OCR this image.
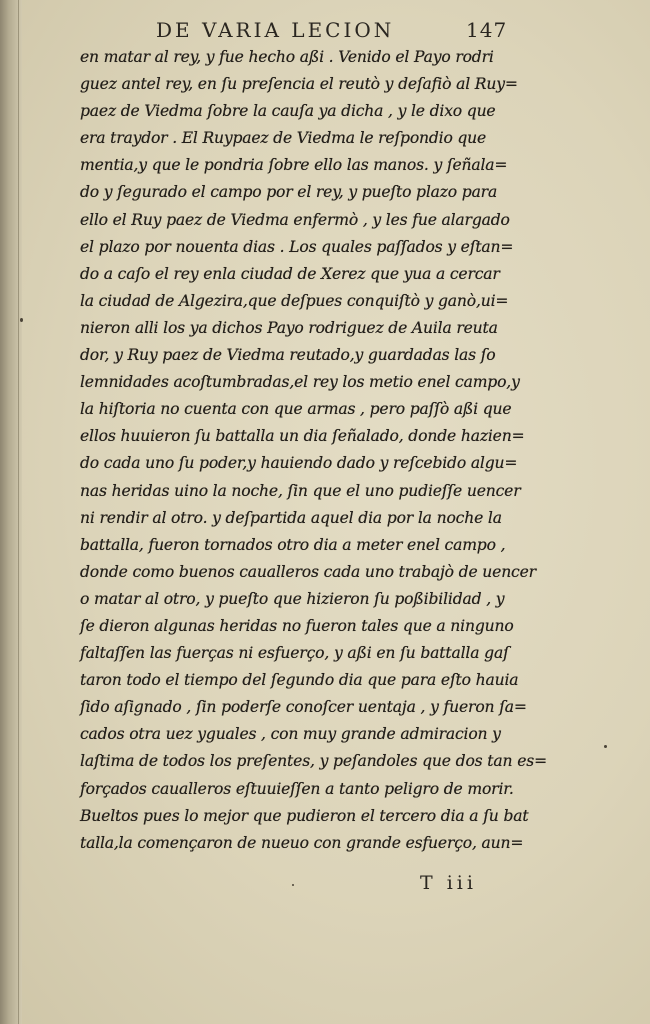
DE VARIA LECION	147
en matar al rey, y fue hecho aßi . Venido el Payo rodri
guez antel rey, en ſu preſencia el reutò y deſafiò al Ruy=
paez de Viedma ſobre la cauſa ya dicha , y le dixo que
era traydor . El Ruypaez de Viedma le reſpondio que
mentia,y que le pondria ſobre ello las manos. y ſeñala=
do y ſegurado el campo por el rey, y pueſto plazo para
ello el Ruy paez de Viedma enfermò , y les fue alargado
el plazo por nouenta dias . Los quales paſſados y eſtan=
do a caſo el rey enla ciudad de Xerez que yua a cercar
la ciudad de Algezira,que deſpues conquiſtò y ganò,ui=
nieron alli los ya dichos Payo rodriguez de Auila reuta
dor, y Ruy paez de Viedma reutado,y guardadas las ſo
lemnidades acoſtumbradas,el rey los metio enel campo,y
la hiſtoria no cuenta con que armas , pero paſſò aßi que
ellos huuieron ſu battalla un dia ſeñalado, donde hazien=
do cada uno ſu poder,y hauiendo dado y reſcebido algu=
nas heridas uino la noche, ſin que el uno pudieſſe uencer
ni rendir al otro. y deſpartida aquel dia por la noche la
battalla, fueron tornados otro dia a meter enel campo ,
donde como buenos caualleros cada uno trabajò de uencer
o matar al otro, y pueſto que hizieron ſu poßibilidad , y
ſe dieron algunas heridas no fueron tales que a ninguno
faltaſſen las fuerças ni esfuerço, y aßi en ſu battalla gaſ
taron todo el tiempo del ſegundo dia que para eſto hauia
ſido aſignado , ſin poderſe conoſcer uentaja , y fueron ſa=
cados otra uez yguales , con muy grande admiracion y
laſtima de todos los preſentes, y peſandoles que dos tan es=
forçados caualleros eſtuuieſſen a tanto peligro de morir.
Bueltos pues lo mejor que pudieron el tercero dia a ſu bat
talla,la començaron de nueuo con grande esfuerço, aun=
T iii
